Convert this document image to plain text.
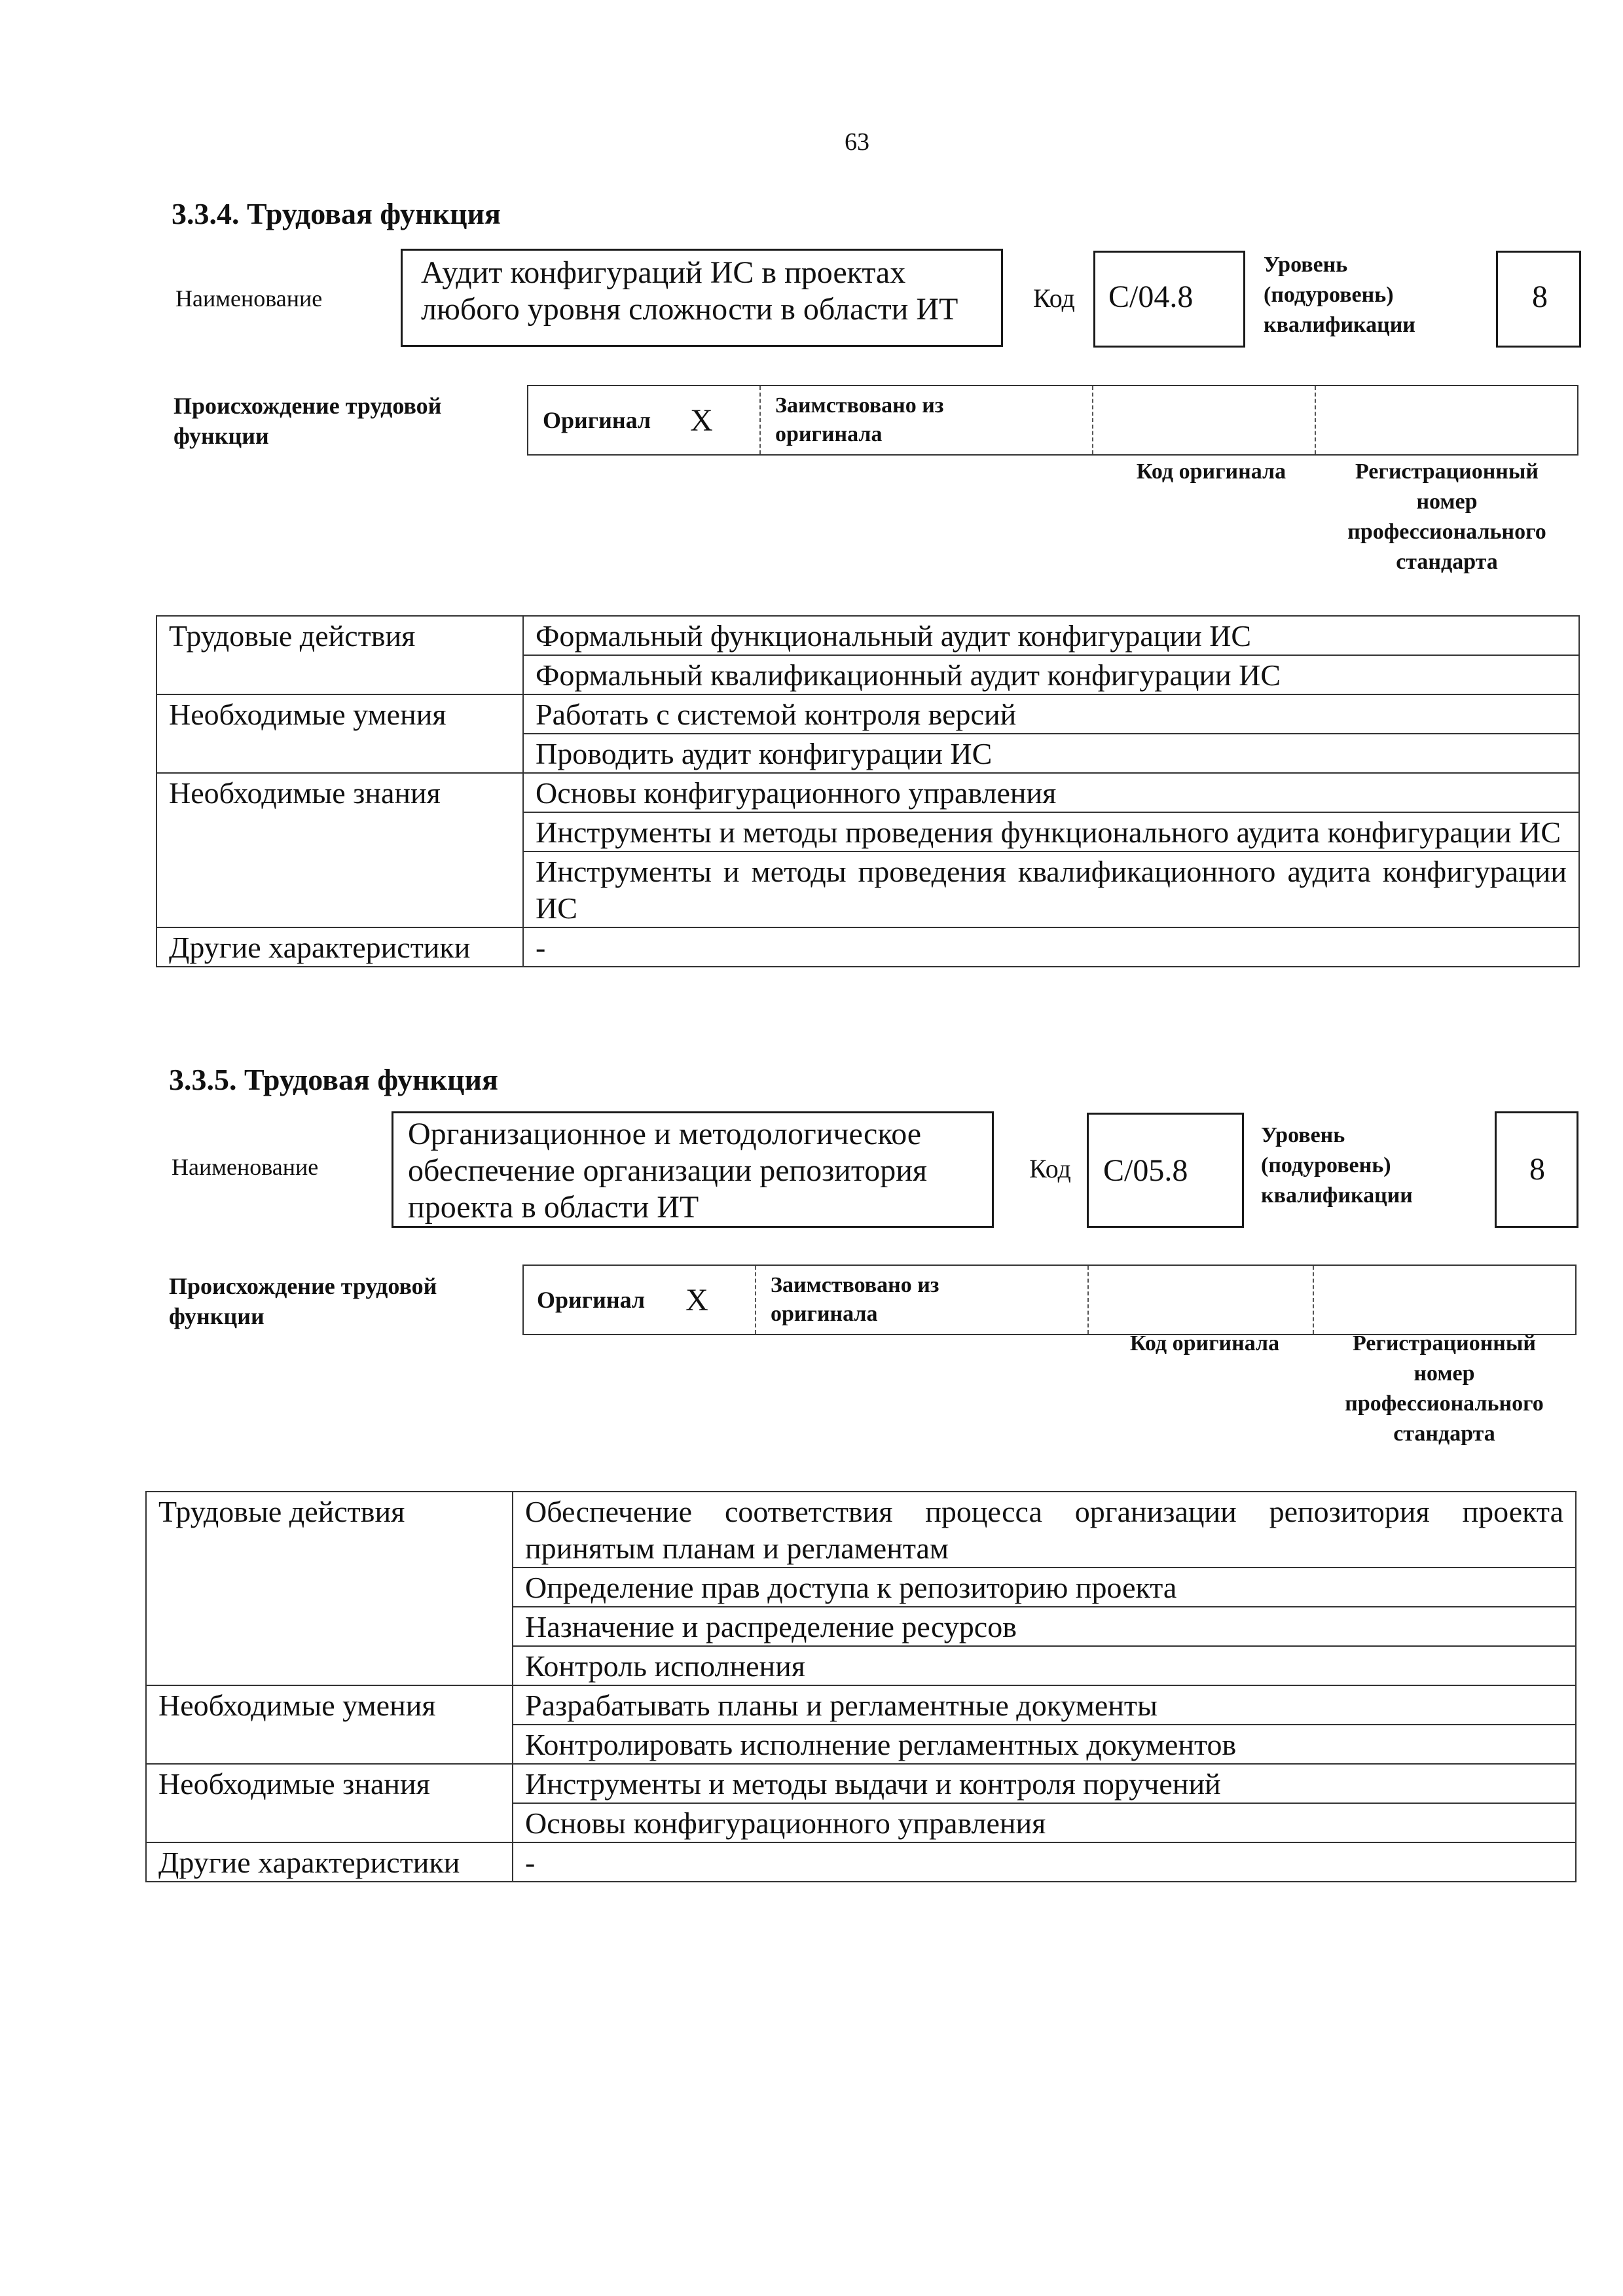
63
3.3.4. Трудовая функция
Наименование
Аудит конфигураций ИС в проектах
любого уровня сложности в области ИТ	Код C/04.8
Уровень
(подуровень)
квалификации
8
Происхождение трудовой
функции
Оригинал X	Заимствовано из
оригинала
Код оригинала	Регистрационный
номер
профессионального
стандарта
Трудовые действия	Формальный функциональный аудит конфигурации ИС
	Формальный квалификационный аудит конфигурации ИС
Необходимые умения	Работать с системой контроля версий
	Проводить аудит конфигурации ИС
Необходимые знания	Основы конфигурационного управления
	Инструменты и методы проведения функционального аудита конфигурации ИС
	Инструменты и методы проведения квалификационного аудита конфигурации ИС
Другие характеристики	-
3.3.5. Трудовая функция
Наименование
Организационное и методологическое
обеспечение организации репозитория
проекта в области ИТ
Код C/05.8
Уровень
(подуровень)
квалификации
8
Происхождение трудовой
функции
Оригинал X	Заимствовано из
оригинала
Код оригинала	Регистрационный
номер
профессионального
стандарта
Трудовые действия	Обеспечение соответствия процесса организации репозитория проекта принятым планам и регламентам
	Определение прав доступа к репозиторию проекта
	Назначение и распределение ресурсов
	Контроль исполнения
Необходимые умения	Разрабатывать планы и регламентные документы
	Контролировать исполнение регламентных документов
Необходимые знания	Инструменты и методы выдачи и контроля поручений
	Основы конфигурационного управления
Другие характеристики	-
